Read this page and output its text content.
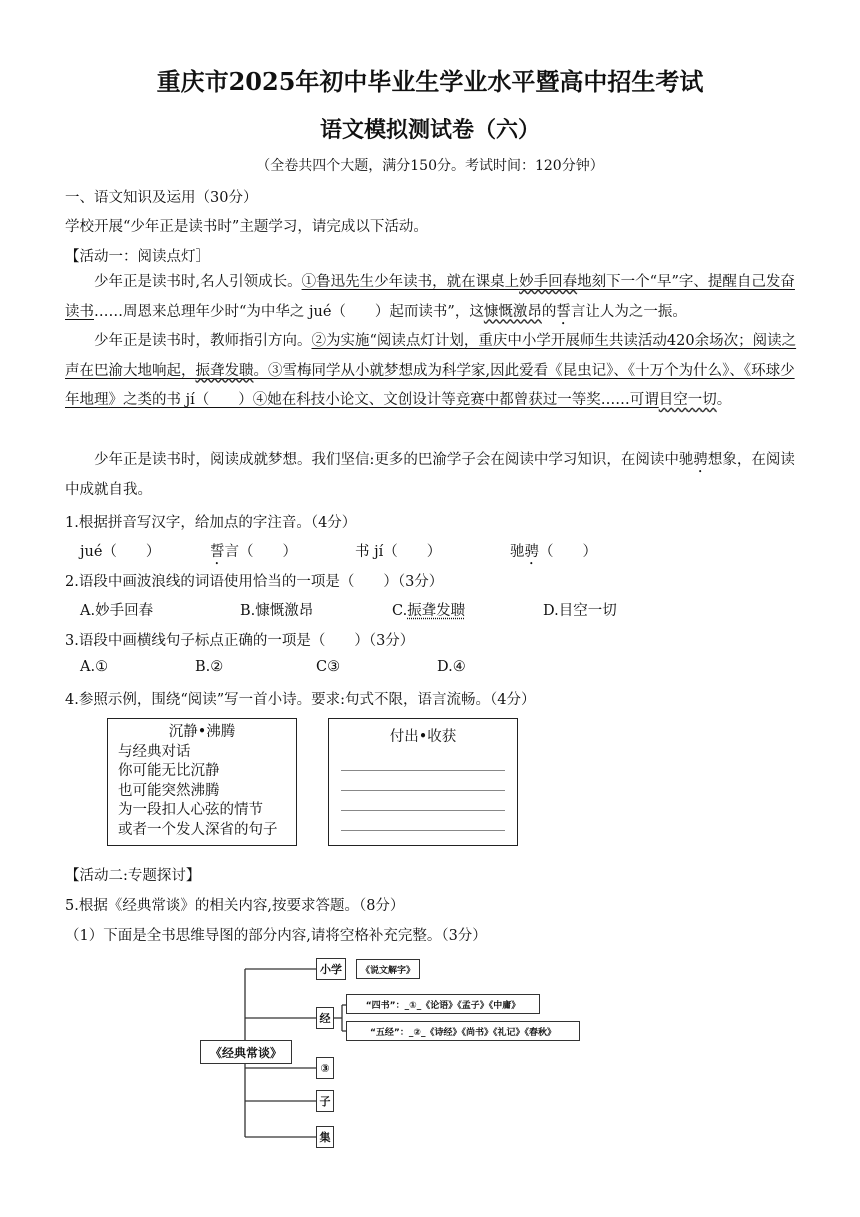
重庆市2025年初中毕业生学业水平暨高中招生考试
语文模拟测试卷（六）
（全卷共四个大题，满分150分。考试时间：120分钟）
一、语文知识及运用（30分）
学校开展“少年正是读书时”主题学习，请完成以下活动。
【活动一：阅读点灯］
少年正是读书时,名人引领成长。①鲁迅先生少年读书，就在课桌上妙手回春地刻下一个“早”字、提醒自己发奋读书……周恩来总理年少时“为中华之 jué（　　）起而读书”，这慷慨激昂的誓言让人为之一振。
少年正是读书时，教师指引方向。②为实施“阅读点灯计划，重庆中小学开展师生共读活动420余场次；阅读之声在巴渝大地响起，振聋发聩。③雪梅同学从小就梦想成为科学家,因此爱看《昆虫记》、《十万个为什么》、《环球少年地理》之类的书 jí（　　）④她在科技小论文、文创设计等竞赛中都曾获过一等奖……可谓目空一切。
少年正是读书时，阅读成就梦想。我们坚信:更多的巴渝学子会在阅读中学习知识，在阅读中驰骋想象，在阅读中成就自我。
1.根据拼音写汉字，给加点的字注音。（4分）
jué（　　）	誓言（　　）	书 jí（　　）	驰骋（　　）
2.语段中画波浪线的词语使用恰当的一项是（　　）（3分）
A.妙手回春	B.慷慨激昂	C.振聋发聩	D.目空一切
3.语段中画横线句子标点正确的一项是（　　）（3分）
A.①	B.②	C③	D.④
4.参照示例，围绕“阅读”写一首小诗。要求:句式不限，语言流畅。（4分）
沉静•沸腾
与经典对话
你可能无比沉静
也可能突然沸腾
为一段扣人心弦的情节
或者一个发人深省的句子
付出•收获
【活动二:专题探讨】
5.根据《经典常谈》的相关内容,按要求答题。（8分）
（1）下面是全书思维导图的部分内容,请将空格补充完整。（3分）
《经典常谈》
小学	《说文解字》
经
“四书”：_①_《论语》《孟子》《中庸》
“五经”：_②_《诗经》《尚书》《礼记》《春秋》
③
子
集
